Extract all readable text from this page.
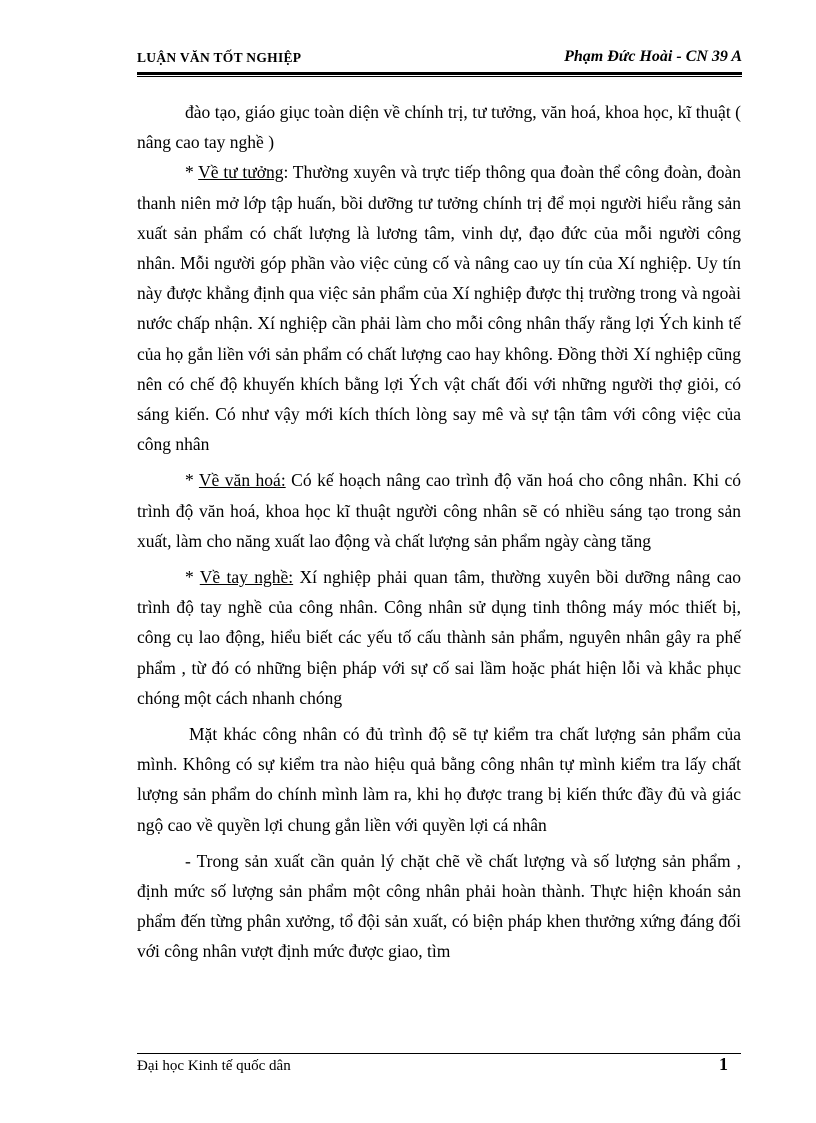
LUẬN VĂN TỐT NGHIỆP	Phạm Đức Hoài - CN 39 A

đào tạo, giáo giục toàn diện về chính trị, tư tưởng, văn hoá, khoa học, kĩ thuật ( nâng cao tay nghề )

* Về tư tưởng: Thường xuyên và trực tiếp thông qua đoàn thể công đoàn, đoàn thanh niên mở lớp tập huấn, bồi dưỡng tư tưởng chính trị để mọi người hiểu rằng sản xuất sản phẩm có chất lượng là lương tâm, vinh dự, đạo đức của mỗi người công nhân. Mỗi người góp phần vào việc củng cố và nâng cao uy tín của Xí nghiệp. Uy tín này được khẳng định qua việc sản phẩm của Xí nghiệp được thị trường trong và ngoài nước chấp nhận. Xí nghiệp cần phải làm cho mỗi công nhân thấy rằng lợi Ých kinh tế của họ gắn liền với sản phẩm có chất lượng cao hay không. Đồng thời Xí nghiệp cũng nên có chế độ khuyến khích bằng lợi Ých vật chất đối với những người thợ giỏi, có sáng kiến. Có như vậy mới kích thích lòng say mê và sự tận tâm với công việc của công nhân

* Về văn hoá: Có kế hoạch nâng cao trình độ văn hoá cho công nhân. Khi có trình độ văn hoá, khoa học kĩ thuật người công nhân sẽ có nhiều sáng tạo trong sản xuất, làm cho năng xuất lao động và chất lượng sản phẩm ngày càng tăng

* Về tay nghề: Xí nghiệp phải quan tâm, thường xuyên bồi dưỡng nâng cao trình độ tay nghề của công nhân. Công nhân sử dụng tinh thông máy móc thiết bị, công cụ lao động, hiểu biết các yếu tố cấu thành sản phẩm, nguyên nhân gây ra phế phẩm , từ đó có những biện pháp với sự cố sai lầm hoặc phát hiện lỗi và khắc phục chóng một cách nhanh chóng

Mặt khác công nhân có đủ trình độ sẽ tự kiểm tra chất lượng sản phẩm của mình. Không có sự kiểm tra nào hiệu quả bằng công nhân tự mình kiểm tra lấy chất lượng sản phẩm do chính mình làm ra, khi họ được trang bị kiến thức đầy đủ và giác ngộ cao về quyền lợi chung gắn liền với quyền lợi cá nhân

- Trong sản xuất cần quản lý chặt chẽ về chất lượng và số lượng sản phẩm , định mức số lượng sản phẩm một công nhân phải hoàn thành. Thực hiện khoán sản phẩm đến từng phân xưởng, tổ đội sản xuất, có biện pháp khen thưởng xứng đáng đối với công nhân vượt định mức được giao, tìm

Đại học Kinh tế quốc dân	1
